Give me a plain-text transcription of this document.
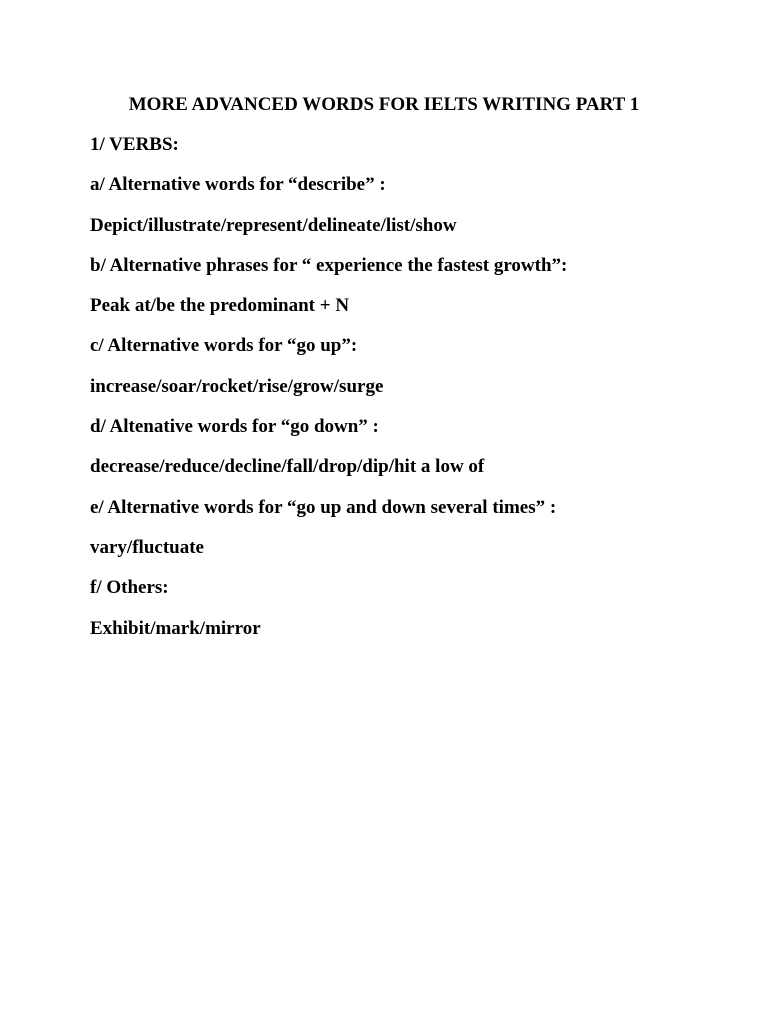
MORE ADVANCED WORDS FOR IELTS WRITING PART 1
1/ VERBS:
a/ Alternative words for “describe” :
Depict/illustrate/represent/delineate/list/show
b/ Alternative phrases for “ experience the fastest growth”:
Peak at/be the predominant + N
c/ Alternative words for “go up”:
increase/soar/rocket/rise/grow/surge
d/ Altenative words for “go down” :
decrease/reduce/decline/fall/drop/dip/hit a low of
e/ Alternative words for “go up and down several times” :
vary/fluctuate
f/ Others:
Exhibit/mark/mirror
